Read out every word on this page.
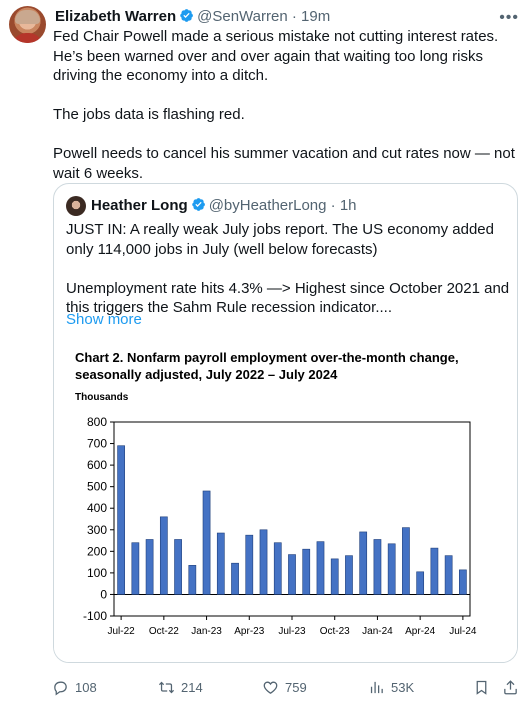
Elizabeth Warren @SenWarren · 19m	•••

Fed Chair Powell made a serious mistake not cutting interest rates. He’s been warned over and over again that waiting too long risks driving the economy into a ditch.

The jobs data is flashing red.

Powell needs to cancel his summer vacation and cut rates now — not wait 6 weeks.

Heather Long @byHeatherLong · 1h

JUST IN: A really weak July jobs report. The US economy added only 114,000 jobs in July (well below forecasts)

Unemployment rate hits 4.3% —> Highest since October 2021 and this triggers the Sahm Rule recession indicator....

Show more
Chart 2. Nonfarm payroll employment over-the-month change,
seasonally adjusted, July 2022 – July 2024
Thousands
800
700
600
500
400
300
200
100
0
-100
Jul-22 Oct-22 Jan-23 Apr-23 Jul-23 Oct-23 Jan-24 Apr-24 Jul-24
108	214	759	53K
